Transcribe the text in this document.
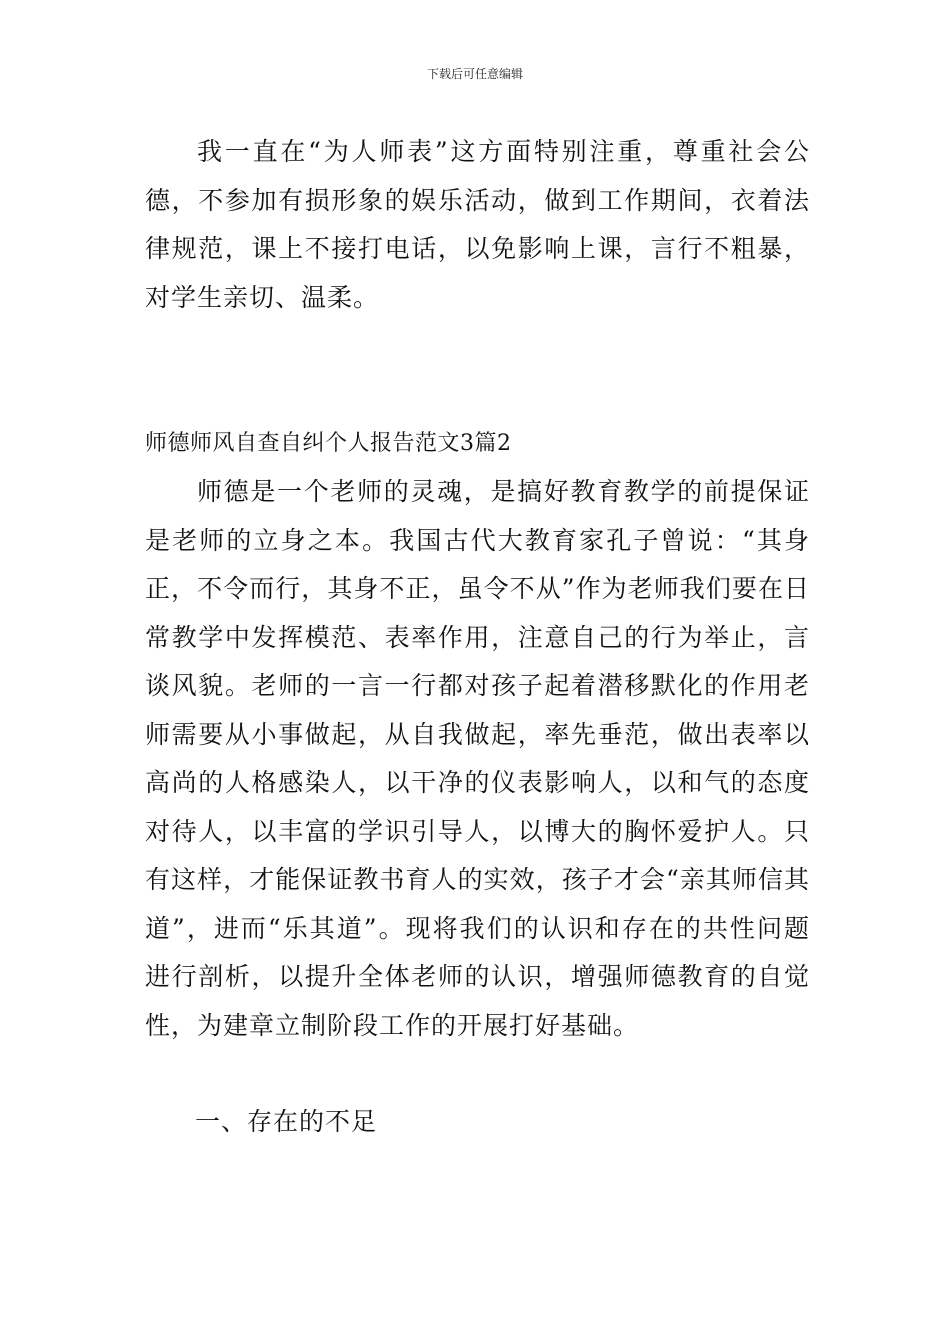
下载后可任意编辑

我一直在“为人师表”这方面特别注重，尊重社会公德，不参加有损形象的娱乐活动，做到工作期间，衣着法律规范，课上不接打电话，以免影响上课，言行不粗暴，对学生亲切、温柔。

师德师风自查自纠个人报告范文3篇2

师德是一个老师的灵魂，是搞好教育教学的前提保证是老师的立身之本。我国古代大教育家孔子曾说：“其身正，不令而行，其身不正，虽令不从”作为老师我们要在日常教学中发挥模范、表率作用，注意自己的行为举止，言谈风貌。老师的一言一行都对孩子起着潜移默化的作用老师需要从小事做起，从自我做起，率先垂范，做出表率以高尚的人格感染人，以干净的仪表影响人，以和气的态度对待人，以丰富的学识引导人，以博大的胸怀爱护人。只有这样，才能保证教书育人的实效，孩子才会“亲其师信其道”，进而“乐其道”。现将我们的认识和存在的共性问题进行剖析，以提升全体老师的认识，增强师德教育的自觉性，为建章立制阶段工作的开展打好基础。

一、存在的不足
